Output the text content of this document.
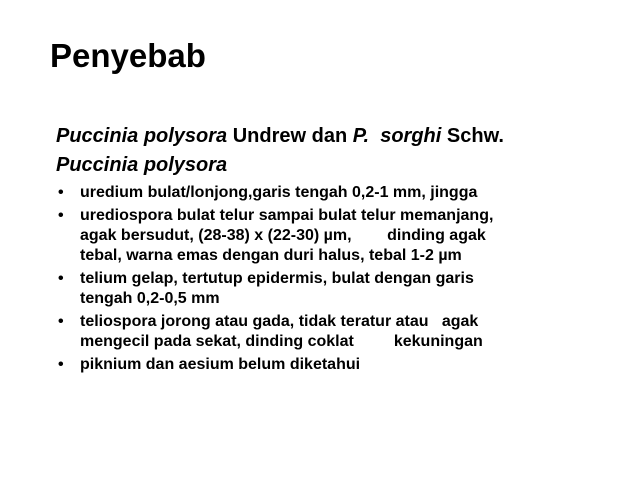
Penyebab

Puccinia polysora Undrew dan P. sorghi Schw.

Puccinia polysora

• uredium bulat/lonjong,garis tengah 0,2-1 mm, jingga
• urediospora bulat telur sampai bulat telur memanjang,
agak bersudut, (28-38) x (22-30) µm,        dinding agak
tebal, warna emas dengan duri halus, tebal 1-2 µm
• telium gelap, tertutup epidermis, bulat dengan garis
tengah 0,2-0,5 mm
• teliospora jorong atau gada, tidak teratur atau   agak
mengecil pada sekat, dinding coklat         kekuningan
• piknium dan aesium belum diketahui
